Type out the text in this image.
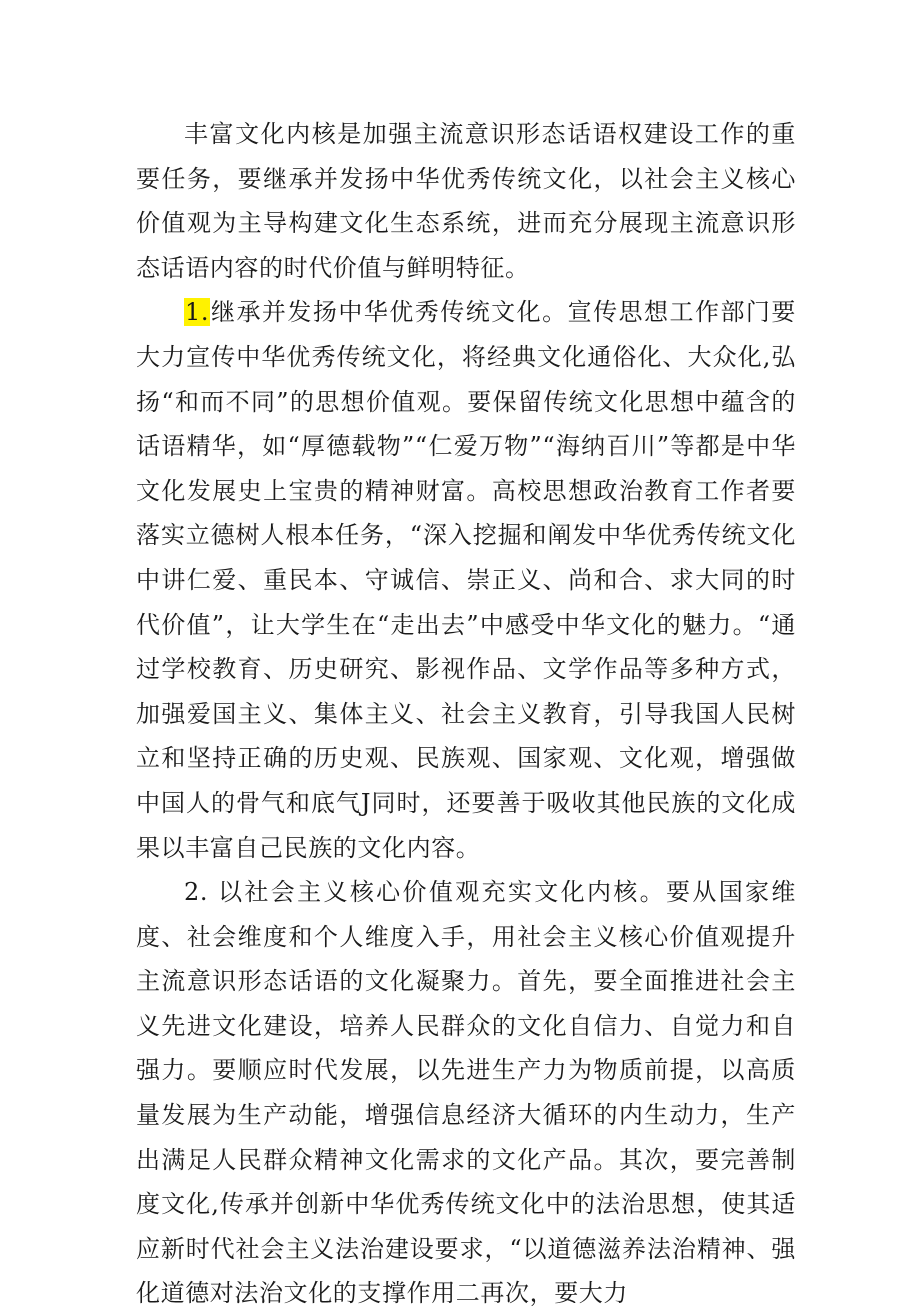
丰富文化内核是加强主流意识形态话语权建设工作的重要任务，要继承并发扬中华优秀传统文化，以社会主义核心价值观为主导构建文化生态系统，进而充分展现主流意识形态话语内容的时代价值与鲜明特征。

1.继承并发扬中华优秀传统文化。宣传思想工作部门要大力宣传中华优秀传统文化，将经典文化通俗化、大众化,弘扬“和而不同”的思想价值观。要保留传统文化思想中蕴含的话语精华，如“厚德载物”“仁爱万物”“海纳百川”等都是中华文化发展史上宝贵的精神财富。高校思想政治教育工作者要落实立德树人根本任务，“深入挖掘和阐发中华优秀传统文化中讲仁爱、重民本、守诚信、崇正义、尚和合、求大同的时代价值”，让大学生在“走出去”中感受中华文化的魅力。“通过学校教育、历史研究、影视作品、文学作品等多种方式，加强爱国主义、集体主义、社会主义教育，引导我国人民树立和坚持正确的历史观、民族观、国家观、文化观，增强做中国人的骨气和底气J同时，还要善于吸收其他民族的文化成果以丰富自己民族的文化内容。

2. 以社会主义核心价值观充实文化内核。要从国家维度、社会维度和个人维度入手，用社会主义核心价值观提升主流意识形态话语的文化凝聚力。首先，要全面推进社会主义先进文化建设，培养人民群众的文化自信力、自觉力和自强力。要顺应时代发展，以先进生产力为物质前提，以高质量发展为生产动能，增强信息经济大循环的内生动力，生产出满足人民群众精神文化需求的文化产品。其次，要完善制度文化,传承并创新中华优秀传统文化中的法治思想，使其适应新时代社会主义法治建设要求，“以道德滋养法治精神、强化道德对法治文化的支撑作用二再次，要大力
